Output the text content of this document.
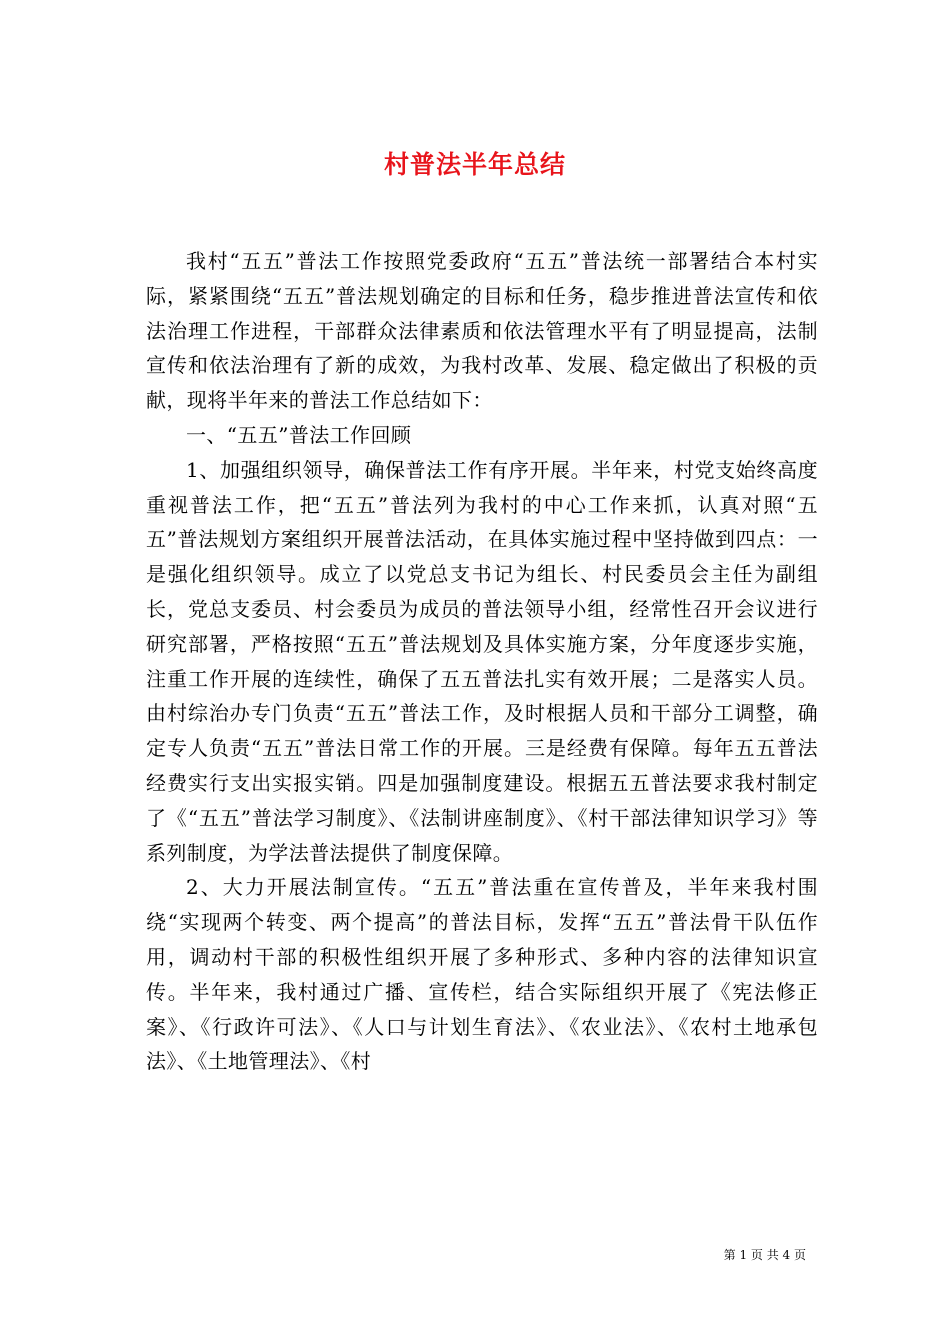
村普法半年总结

我村“五五”普法工作按照党委政府“五五”普法统一部署结合本村实际，紧紧围绕“五五”普法规划确定的目标和任务，稳步推进普法宣传和依法治理工作进程，干部群众法律素质和依法管理水平有了明显提高，法制宣传和依法治理有了新的成效，为我村改革、发展、稳定做出了积极的贡献，现将半年来的普法工作总结如下：

一、“五五”普法工作回顾

1、加强组织领导，确保普法工作有序开展。半年来，村党支始终高度重视普法工作，把“五五”普法列为我村的中心工作来抓，认真对照“五五”普法规划方案组织开展普法活动，在具体实施过程中坚持做到四点：一是强化组织领导。成立了以党总支书记为组长、村民委员会主任为副组长，党总支委员、村会委员为成员的普法领导小组，经常性召开会议进行研究部署，严格按照“五五”普法规划及具体实施方案，分年度逐步实施，注重工作开展的连续性，确保了五五普法扎实有效开展；二是落实人员。由村综治办专门负责“五五”普法工作，及时根据人员和干部分工调整，确定专人负责“五五”普法日常工作的开展。三是经费有保障。每年五五普法经费实行支出实报实销。四是加强制度建设。根据五五普法要求我村制定了《“五五”普法学习制度》、《法制讲座制度》、《村干部法律知识学习》等系列制度，为学法普法提供了制度保障。

2、大力开展法制宣传。“五五”普法重在宣传普及，半年来我村围绕“实现两个转变、两个提高”的普法目标，发挥“五五”普法骨干队伍作用，调动村干部的积极性组织开展了多种形式、多种内容的法律知识宣传。半年来，我村通过广播、宣传栏，结合实际组织开展了《宪法修正案》、《行政许可法》、《人口与计划生育法》、《农业法》、《农村土地承包法》、《土地管理法》、《村

第 1 页 共 4 页
